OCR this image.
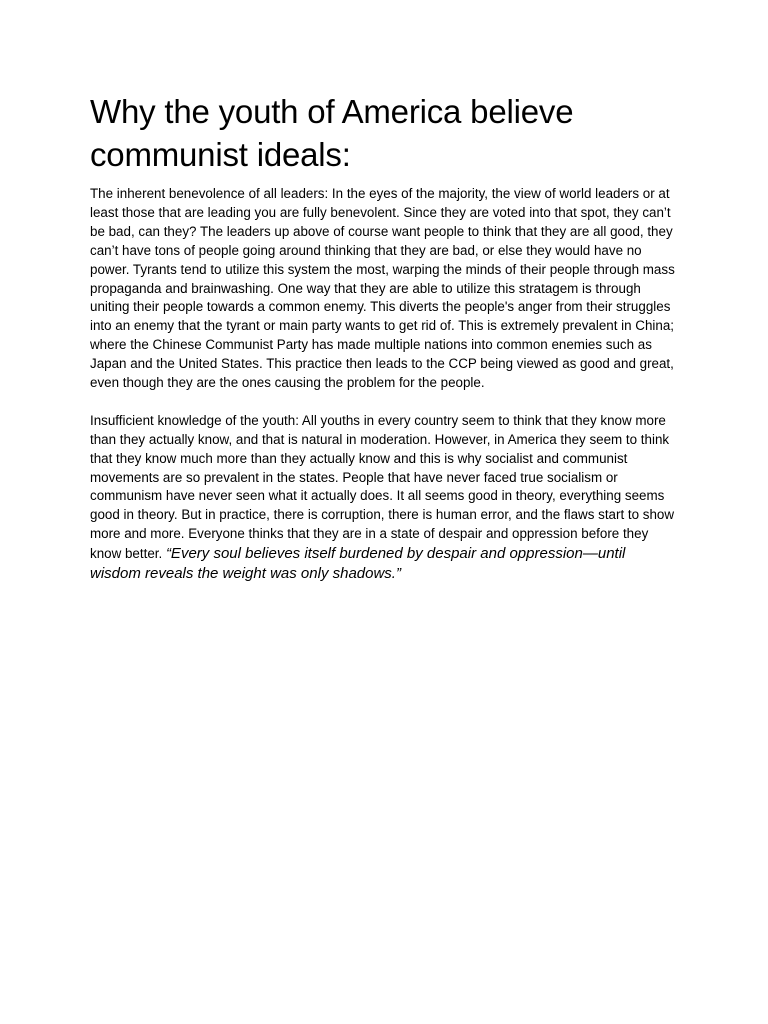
Why the youth of America believe communist ideals:

The inherent benevolence of all leaders: In the eyes of the majority, the view of world leaders or at least those that are leading you are fully benevolent. Since they are voted into that spot, they can’t be bad, can they? The leaders up above of course want people to think that they are all good, they can’t have tons of people going around thinking that they are bad, or else they would have no power. Tyrants tend to utilize this system the most, warping the minds of their people through mass propaganda and brainwashing. One way that they are able to utilize this stratagem is through uniting their people towards a common enemy. This diverts the people's anger from their struggles into an enemy that the tyrant or main party wants to get rid of. This is extremely prevalent in China; where the Chinese Communist Party has made multiple nations into common enemies such as Japan and the United States. This practice then leads to the CCP being viewed as good and great, even though they are the ones causing the problem for the people.

Insufficient knowledge of the youth: All youths in every country seem to think that they know more than they actually know, and that is natural in moderation. However, in America they seem to think that they know much more than they actually know and this is why socialist and communist movements are so prevalent in the states. People that have never faced true socialism or communism have never seen what it actually does. It all seems good in theory, everything seems good in theory. But in practice, there is corruption, there is human error, and the flaws start to show more and more. Everyone thinks that they are in a state of despair and oppression before they know better. “Every soul believes itself burdened by despair and oppression—until wisdom reveals the weight was only shadows.”
